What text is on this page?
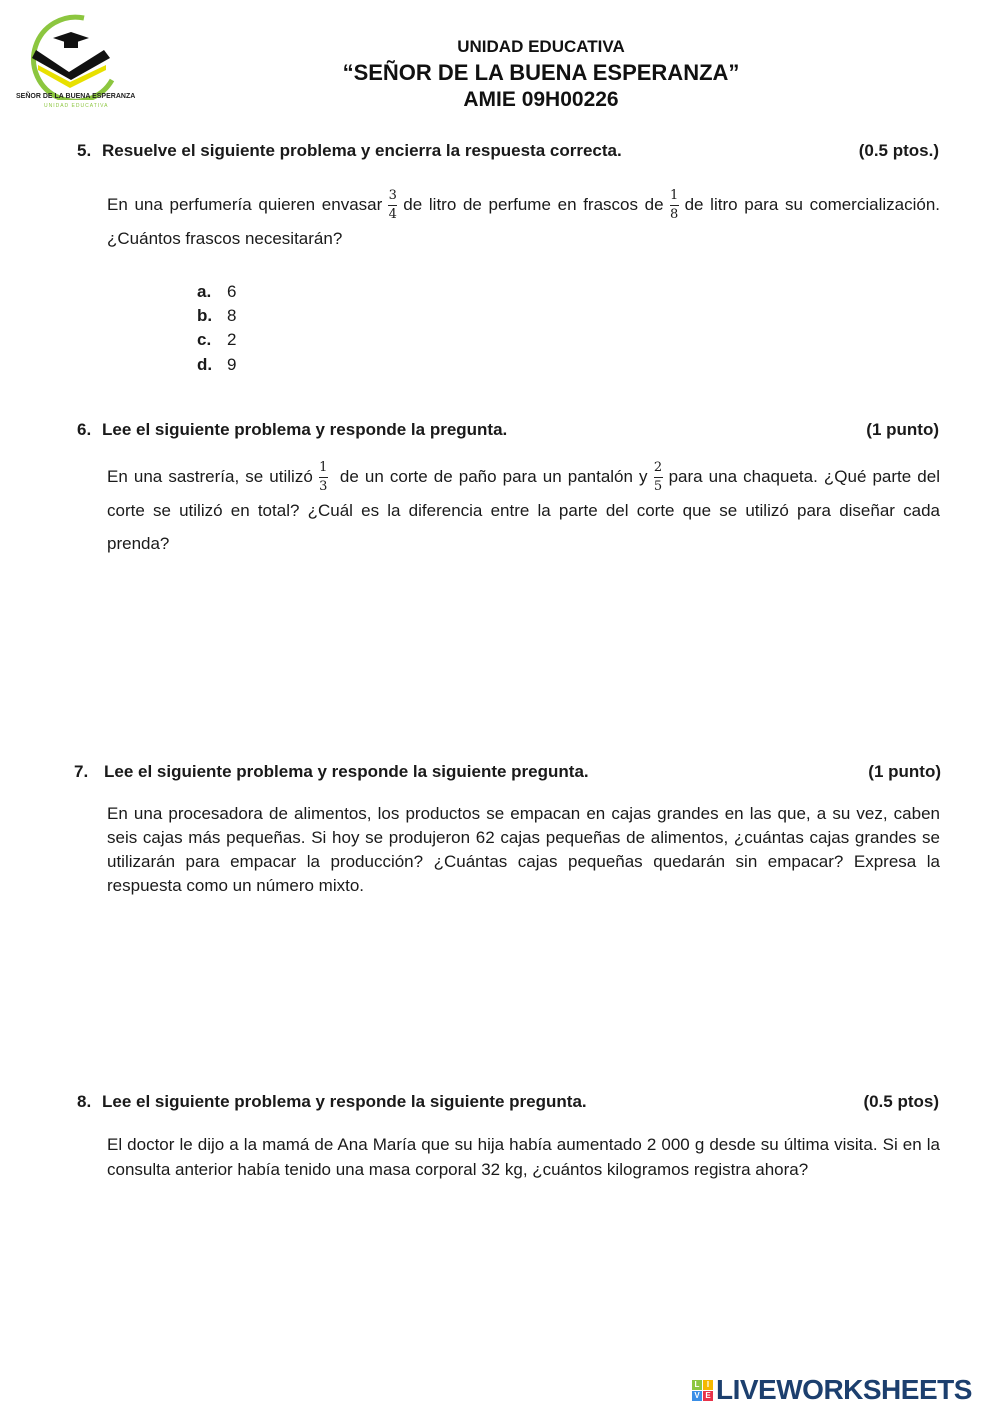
SEÑOR DE LA BUENA ESPERANZA
UNIDAD EDUCATIVA
UNIDAD EDUCATIVA
“SEÑOR DE LA BUENA ESPERANZA”
AMIE 09H00226
5. Resuelve el siguiente problema y encierra la respuesta correcta.	(0.5 ptos.)
En una perfumería quieren envasar $\frac{3}{4}$ de litro de perfume en frascos de $\frac{1}{8}$ de litro para su comercialización. ¿Cuántos frascos necesitarán?
a. 6
b. 8
c. 2
d. 9
6. Lee el siguiente problema y responde la pregunta.	(1 punto)
En una sastrería, se utilizó $\frac{1}{3}$ de un corte de paño para un pantalón y $\frac{2}{5}$ para una chaqueta. ¿Qué parte del corte se utilizó en total? ¿Cuál es la diferencia entre la parte del corte que se utilizó para diseñar cada prenda?
7. Lee el siguiente problema y responde la siguiente pregunta.	(1 punto)
En una procesadora de alimentos, los productos se empacan en cajas grandes en las que, a su vez, caben seis cajas más pequeñas. Si hoy se produjeron 62 cajas pequeñas de alimentos, ¿cuántas cajas grandes se utilizarán para empacar la producción? ¿Cuántas cajas pequeñas quedarán sin empacar? Expresa la respuesta como un número mixto.
8. Lee el siguiente problema y responde la siguiente pregunta.	(0.5 ptos)
El doctor le dijo a la mamá de Ana María que su hija había aumentado 2 000 g desde su última visita. Si en la consulta anterior había tenido una masa corporal 32 kg, ¿cuántos kilogramos registra ahora?
L I
V E LIVEWORKSHEETS
